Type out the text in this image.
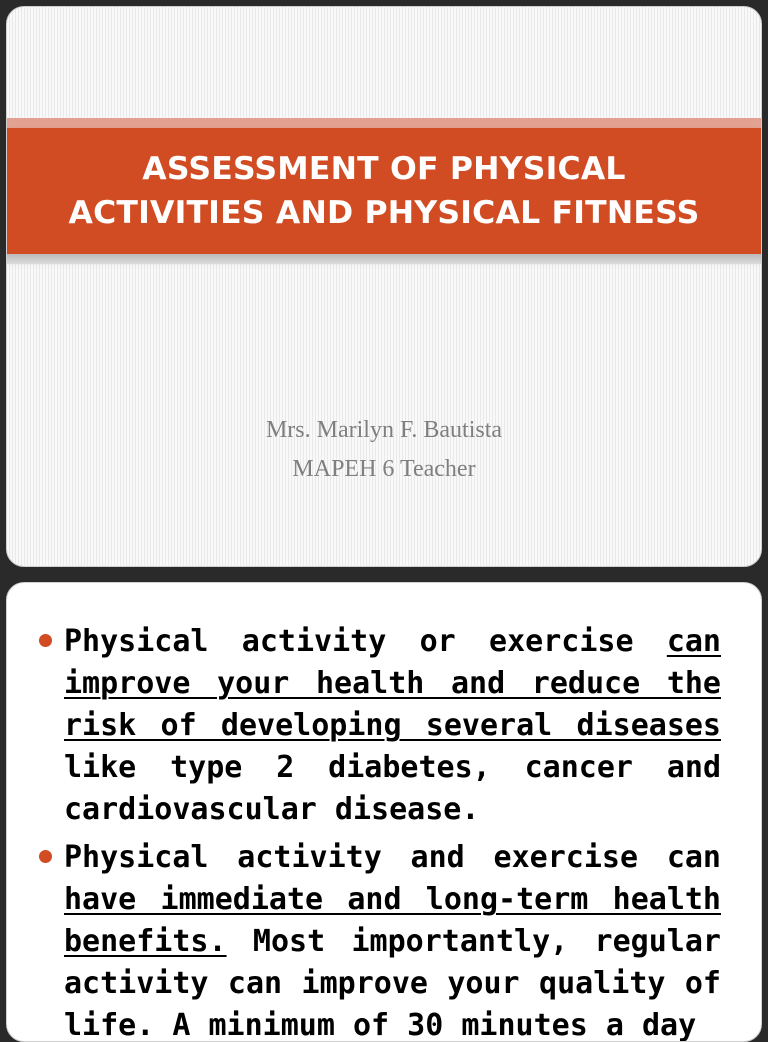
ASSESSMENT OF PHYSICAL
ACTIVITIES AND PHYSICAL FITNESS
Mrs. Marilyn F. Bautista
MAPEH 6 Teacher
Physical activity or exercise can improve your health and reduce the risk of developing several diseases like type 2 diabetes, cancer and cardiovascular disease.
Physical activity and exercise can have immediate and long-term health benefits. Most importantly, regular activity can improve your quality of life. A minimum of 30 minutes a day
